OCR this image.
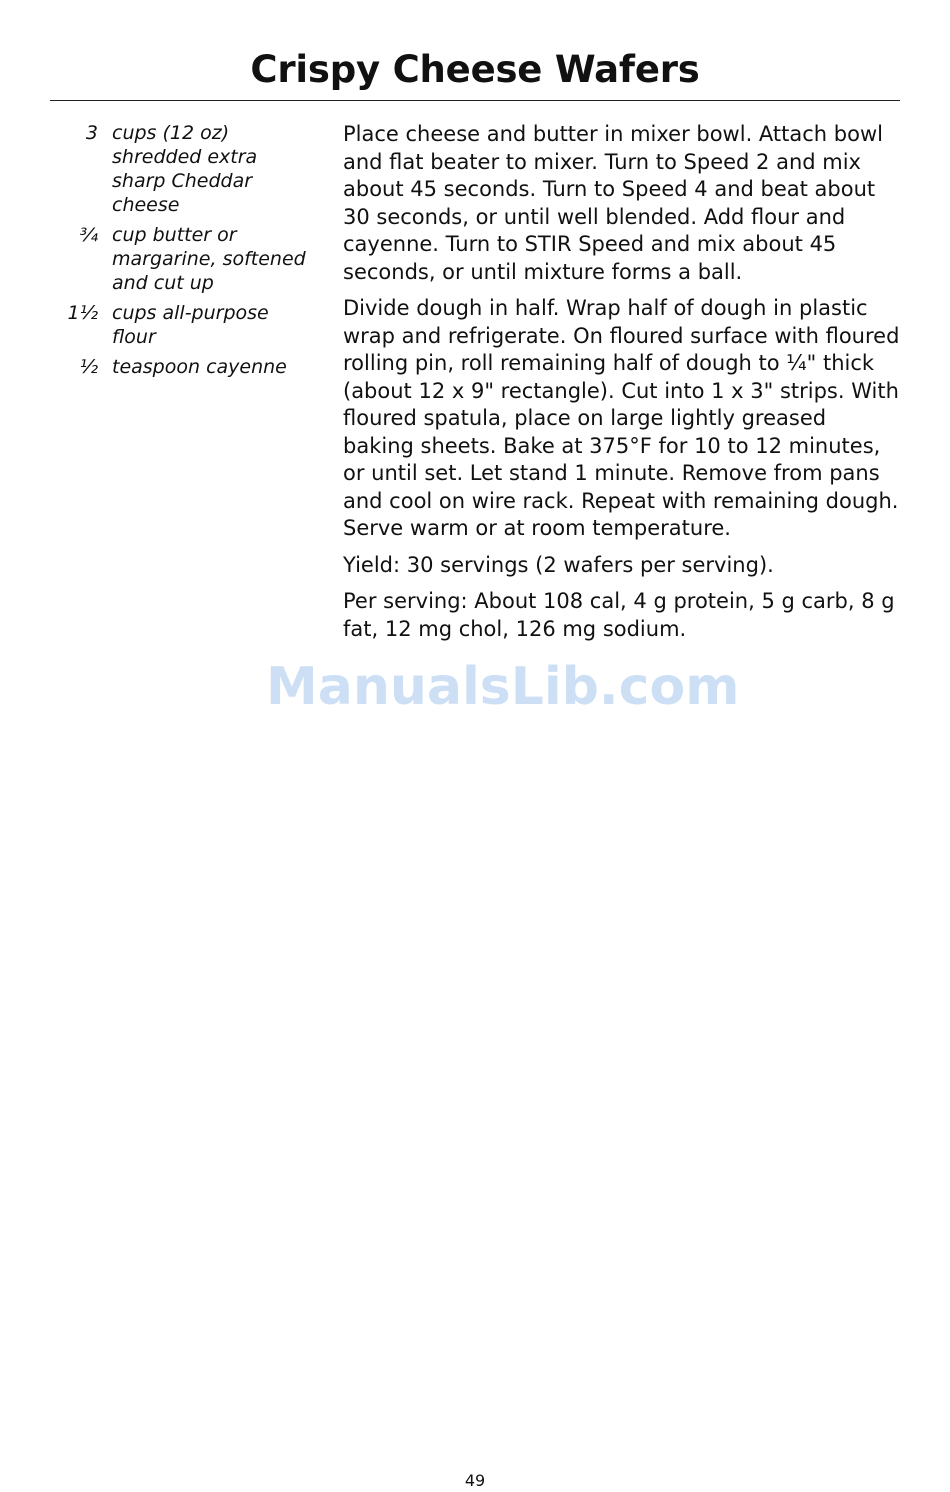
Crispy Cheese Wafers
3 cups (12 oz) shredded extra sharp Cheddar cheese
¾ cup butter or margarine, softened and cut up
1½ cups all-purpose flour
½ teaspoon cayenne

Place cheese and butter in mixer bowl. Attach bowl and flat beater to mixer. Turn to Speed 2 and mix about 45 seconds. Turn to Speed 4 and beat about 30 seconds, or until well blended. Add flour and cayenne. Turn to STIR Speed and mix about 45 seconds, or until mixture forms a ball.

Divide dough in half. Wrap half of dough in plastic wrap and refrigerate. On floured surface with floured rolling pin, roll remaining half of dough to ¼" thick (about 12 x 9" rectangle). Cut into 1 x 3" strips. With floured spatula, place on large lightly greased baking sheets. Bake at 375°F for 10 to 12 minutes, or until set. Let stand 1 minute. Remove from pans and cool on wire rack. Repeat with remaining dough. Serve warm or at room temperature.

Yield: 30 servings (2 wafers per serving).

Per serving: About 108 cal, 4 g protein, 5 g carb, 8 g fat, 12 mg chol, 126 mg sodium.

ManualsLib.com
49
